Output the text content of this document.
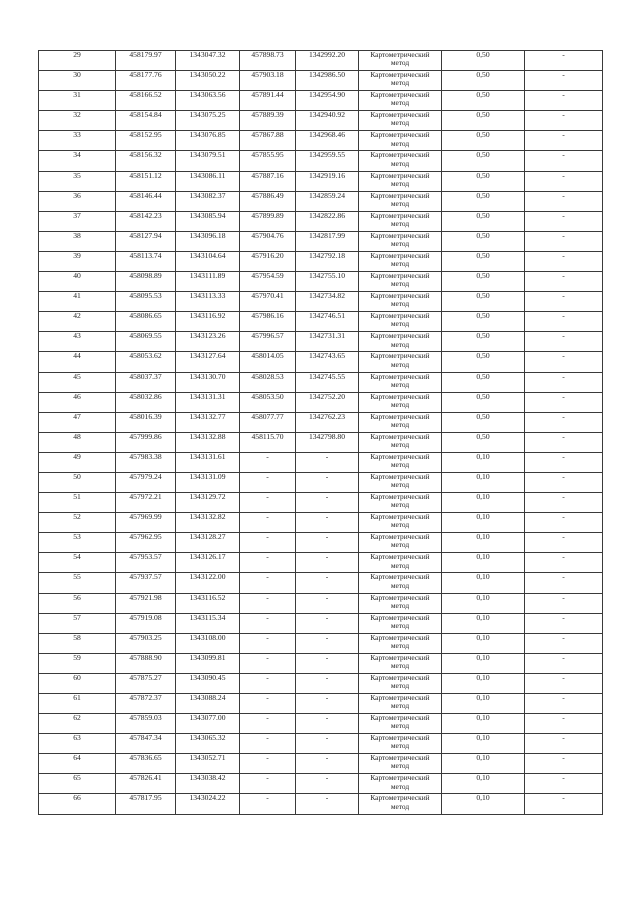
29	458179.97	1343047.32	457898.73	1342992.20	Картометрический
метод	0,50	-
30	458177.76	1343050.22	457903.18	1342986.50	Картометрический
метод	0,50	-
31	458166.52	1343063.56	457891.44	1342954.90	Картометрический
метод	0,50	-
32	458154.84	1343075.25	457889.39	1342940.92	Картометрический
метод	0,50	-
33	458152.95	1343076.85	457867.88	1342968.46	Картометрический
метод	0,50	-
34	458156.32	1343079.51	457855.95	1342959.55	Картометрический
метод	0,50	-
35	458151.12	1343086.11	457887.16	1342919.16	Картометрический
метод	0,50	-
36	458146.44	1343082.37	457886.49	1342859.24	Картометрический
метод	0,50	-
37	458142.23	1343085.94	457899.89	1342822.86	Картометрический
метод	0,50	-
38	458127.94	1343096.18	457904.76	1342817.99	Картометрический
метод	0,50	-
39	458113.74	1343104.64	457916.20	1342792.18	Картометрический
метод	0,50	-
40	458098.89	1343111.89	457954.59	1342755.10	Картометрический
метод	0,50	-
41	458095.53	1343113.33	457970.41	1342734.82	Картометрический
метод	0,50	-
42	458086.65	1343116.92	457986.16	1342746.51	Картометрический
метод	0,50	-
43	458069.55	1343123.26	457996.57	1342731.31	Картометрический
метод	0,50	-
44	458053.62	1343127.64	458014.05	1342743.65	Картометрический
метод	0,50	-
45	458037.37	1343130.70	458028.53	1342745.55	Картометрический
метод	0,50	-
46	458032.86	1343131.31	458053.50	1342752.20	Картометрический
метод	0,50	-
47	458016.39	1343132.77	458077.77	1342762.23	Картометрический
метод	0,50	-
48	457999.86	1343132.88	458115.70	1342798.80	Картометрический
метод	0,50	-
49	457983.38	1343131.61	-	-	Картометрический
метод	0,10	-
50	457979.24	1343131.09	-	-	Картометрический
метод	0,10	-
51	457972.21	1343129.72	-	-	Картометрический
метод	0,10	-
52	457969.99	1343132.82	-	-	Картометрический
метод	0,10	-
53	457962.95	1343128.27	-	-	Картометрический
метод	0,10	-
54	457953.57	1343126.17	-	-	Картометрический
метод	0,10	-
55	457937.57	1343122.00	-	-	Картометрический
метод	0,10	-
56	457921.98	1343116.52	-	-	Картометрический
метод	0,10	-
57	457919.08	1343115.34	-	-	Картометрический
метод	0,10	-
58	457903.25	1343108.00	-	-	Картометрический
метод	0,10	-
59	457888.90	1343099.81	-	-	Картометрический
метод	0,10	-
60	457875.27	1343090.45	-	-	Картометрический
метод	0,10	-
61	457872.37	1343088.24	-	-	Картометрический
метод	0,10	-
62	457859.03	1343077.00	-	-	Картометрический
метод	0,10	-
63	457847.34	1343065.32	-	-	Картометрический
метод	0,10	-
64	457836.65	1343052.71	-	-	Картометрический
метод	0,10	-
65	457826.41	1343038.42	-	-	Картометрический
метод	0,10	-
66	457817.95	1343024.22	-	-	Картометрический
метод	0,10	-
